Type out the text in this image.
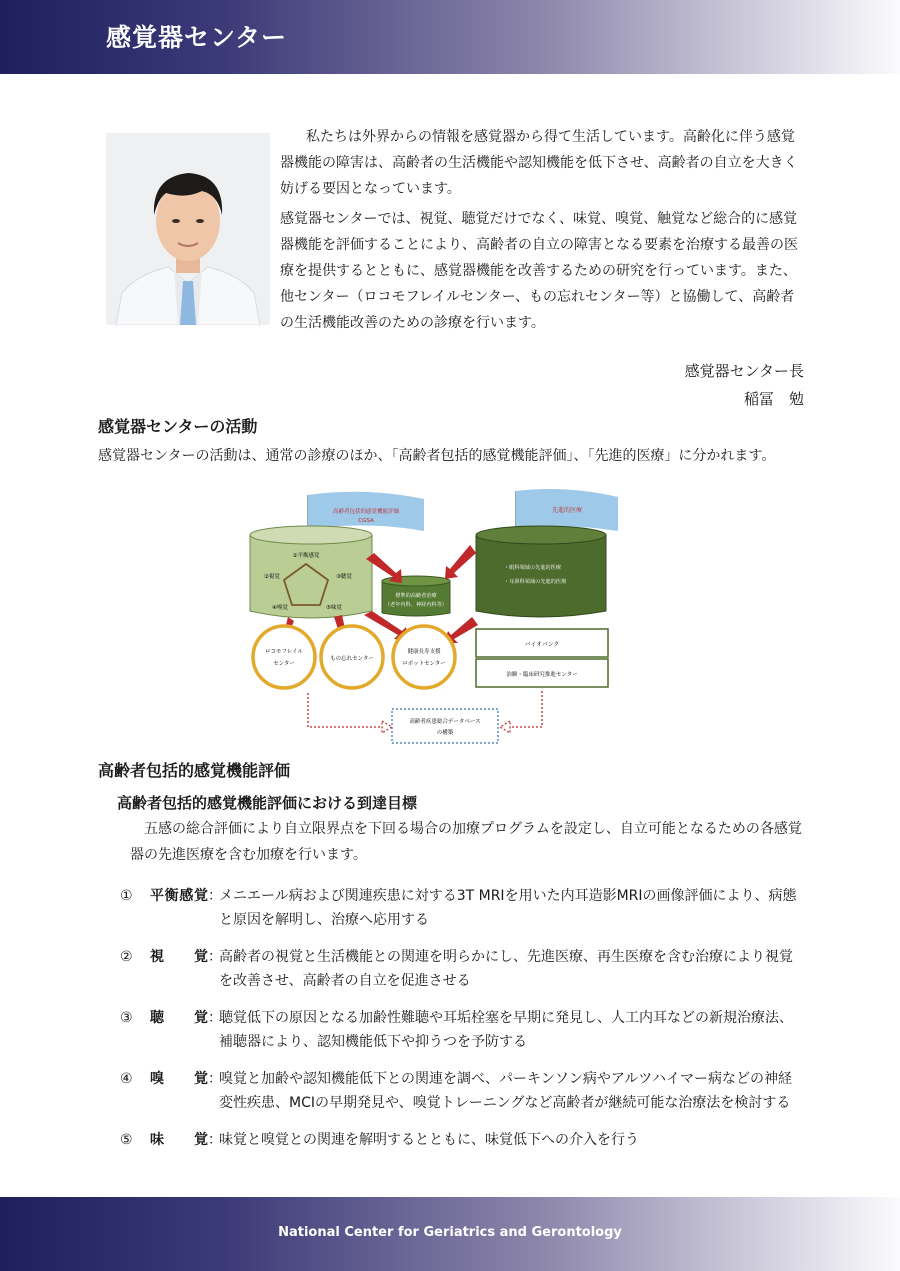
感覚器センター

私たちは外界からの情報を感覚器から得て生活しています。高齢化に伴う感覚器機能の障害は、高齢者の生活機能や認知機能を低下させ、高齢者の自立を大きく妨げる要因となっています。

感覚器センターでは、視覚、聴覚だけでなく、味覚、嗅覚、触覚など総合的に感覚器機能を評価することにより、高齢者の自立の障害となる要素を治療する最善の医療を提供するとともに、感覚器機能を改善するための研究を行っています。また、他センター（ロコモフレイルセンター、もの忘れセンター等）と協働して、高齢者の生活機能改善のための診療を行います。

感覚器センター長
稲冨　勉
感覚器センターの活動
感覚器センターの活動は、通常の診療のほか、「高齢者包括的感覚機能評価」、「先進的医療」に分かれます。
高齢者包括的感覚機能評価
CGSA
先進的医療
①平衡感覚
②視覚	③聴覚
④嗅覚	⑤味覚
標準的高齢者治療
（老年内科、神経内科等）
・眼科領域の先進的医療
・耳鼻科領域の先進的医療
ロコモフレイル
センター
もの忘れセンター
健康長寿支援
ロボットセンター
バイオバンク
治験・臨床研究推進センター
高齢者疾患総合データベース
の構築
高齢者包括的感覚機能評価
高齢者包括的感覚機能評価における到達目標
五感の総合評価により自立限界点を下回る場合の加療プログラムを設定し、自立可能となるための各感覚器の先進医療を含む加療を行います。
①	平衡感覚 ：
メニエール病および関連疾患に対する3T MRIを用いた内耳造影MRIの画像評価により、病態と原因を解明し、治療へ応用する
②	視覚 ：
高齢者の視覚と生活機能との関連を明らかにし、先進医療、再生医療を含む治療により視覚を改善させ、高齢者の自立を促進させる
③	聴覚 ：
聴覚低下の原因となる加齢性難聴や耳垢栓塞を早期に発見し、人工内耳などの新規治療法、補聴器により、認知機能低下や抑うつを予防する
④	嗅覚 ：
嗅覚と加齢や認知機能低下との関連を調べ、パーキンソン病やアルツハイマー病などの神経変性疾患、MCIの早期発見や、嗅覚トレーニングなど高齢者が継続可能な治療法を検討する
⑤	味覚 ：
味覚と嗅覚との関連を解明するとともに、味覚低下への介入を行う
National Center for Geriatrics and Gerontology
